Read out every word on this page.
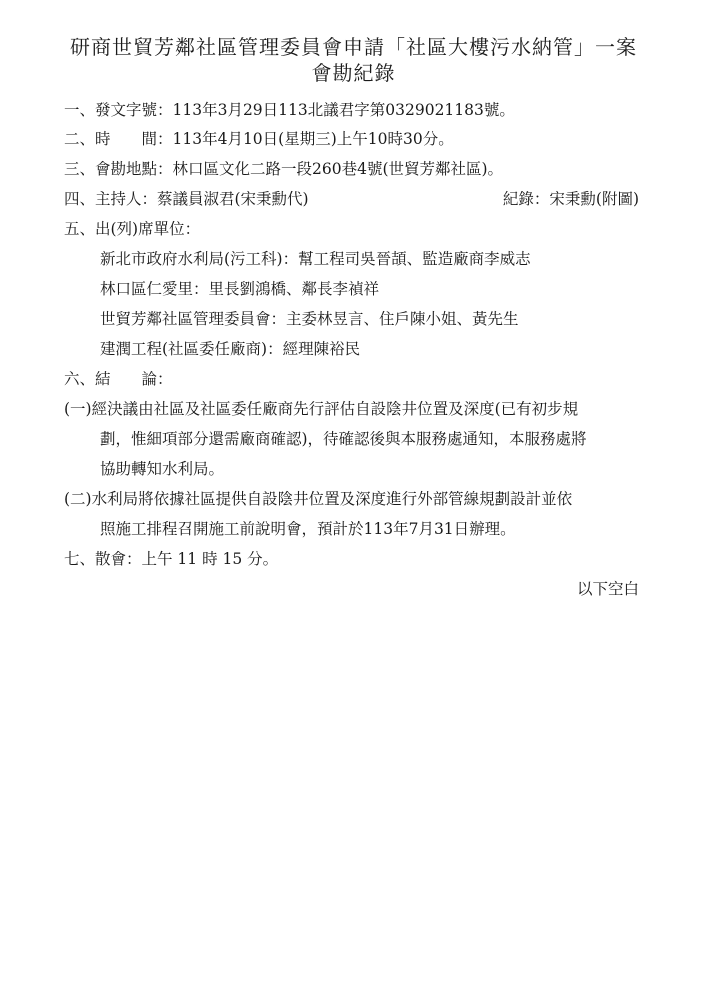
研商世貿芳鄰社區管理委員會申請「社區大樓污水納管」一案
會勘紀錄
一、發文字號：113年3月29日113北議君字第0329021183號。
二、時　　間：113年4月10日(星期三)上午10時30分。
三、會勘地點：林口區文化二路一段260巷4號(世貿芳鄰社區)。
四、主持人：蔡議員淑君(宋秉勳代)	紀錄：宋秉勳(附圖)
五、出(列)席單位：
新北市政府水利局(污工科)：幫工程司吳晉頡、監造廠商李威志
林口區仁愛里：里長劉鴻橋、鄰長李禎祥
世貿芳鄰社區管理委員會：主委林昱言、住戶陳小姐、黃先生
建潤工程(社區委任廠商)：經理陳裕民
六、結　　論：
(一)經決議由社區及社區委任廠商先行評估自設陰井位置及深度(已有初步規
劃，惟細項部分還需廠商確認)，待確認後與本服務處通知，本服務處將
協助轉知水利局。
(二)水利局將依據社區提供自設陰井位置及深度進行外部管線規劃設計並依
照施工排程召開施工前說明會，預計於113年7月31日辦理。
七、散會：上午 11 時 15 分。
以下空白
